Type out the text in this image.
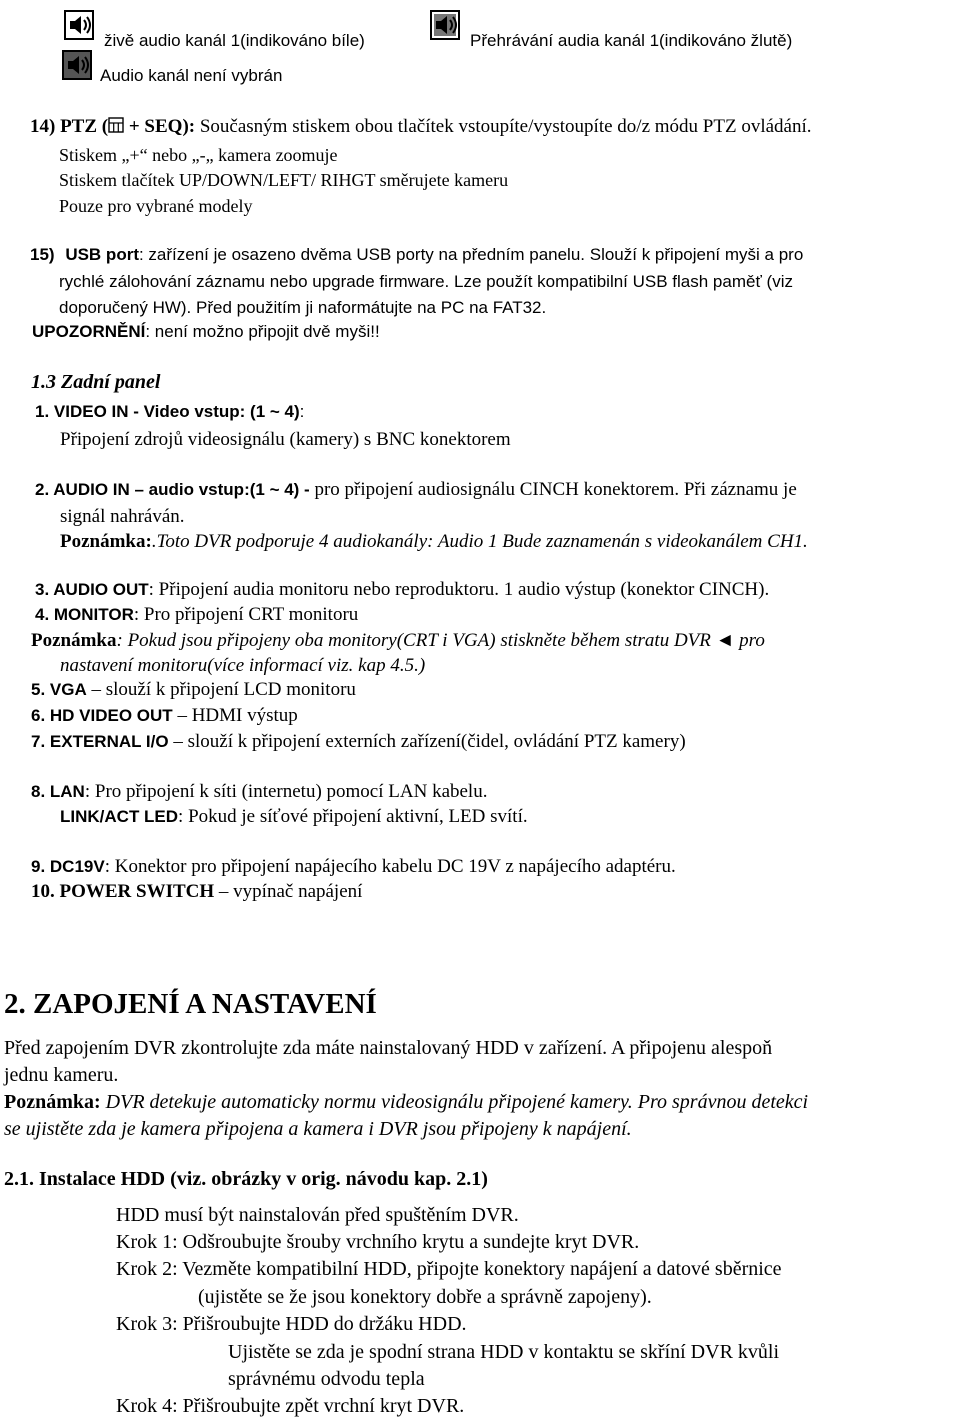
živě audio kanál 1(indikováno bíle)	Přehrávání audia kanál 1(indikováno žlutě)
Audio kanál není vybrán
14) PTZ ( + SEQ): Současným stiskem obou tlačítek vstoupíte/vystoupíte do/z módu PTZ ovládání.
Stiskem „+“ nebo „-„ kamera zoomuje
Stiskem tlačítek UP/DOWN/LEFT/ RIHGT směrujete kameru
Pouze pro vybrané modely
15) USB port: zařízení je osazeno dvěma USB porty na předním panelu. Slouží k připojení myši a pro
rychlé zálohování záznamu nebo upgrade firmware. Lze použít kompatibilní USB flash paměť (viz
doporučený HW). Před použitím ji naformátujte na PC na FAT32.
UPOZORNĚNÍ: není možno připojit dvě myši!!
1.3 Zadní panel
1. VIDEO IN - Video vstup: (1 ~ 4):
Připojení zdrojů videosignálu (kamery) s BNC konektorem
2. AUDIO IN – audio vstup:(1 ~ 4) - pro připojení audiosignálu CINCH konektorem. Při záznamu je
signál nahráván.
Poznámka:.Toto DVR podporuje 4 audiokanály: Audio 1 Bude zaznamenán s videokanálem CH1.
3. AUDIO OUT: Připojení audia monitoru nebo reproduktoru. 1 audio výstup (konektor CINCH).
4. MONITOR: Pro připojení CRT monitoru
Poznámka: Pokud jsou připojeny oba monitory(CRT i VGA) stiskněte během stratu DVR ◄ pro
nastavení monitoru(více informací viz. kap 4.5.)
5. VGA – slouží k připojení LCD monitoru
6. HD VIDEO OUT – HDMI výstup
7. EXTERNAL I/O – slouží k připojení externích zařízení(čidel, ovládání PTZ kamery)
8. LAN: Pro připojení k síti (internetu) pomocí LAN kabelu.
LINK/ACT LED: Pokud je síťové připojení aktivní, LED svítí.
9. DC19V: Konektor pro připojení napájecího kabelu DC 19V z napájecího adaptéru.
10. POWER SWITCH – vypínač napájení
2. ZAPOJENÍ A NASTAVENÍ
Před zapojením DVR zkontrolujte zda máte nainstalovaný HDD v zařízení. A připojenu alespoň
jednu kameru.
Poznámka: DVR detekuje automaticky normu videosignálu připojené kamery. Pro správnou detekci
se ujistěte zda je kamera připojena a kamera i DVR jsou připojeny k napájení.
2.1. Instalace HDD (viz. obrázky v orig. návodu kap. 2.1)
HDD musí být nainstalován před spuštěním DVR.
Krok 1: Odšroubujte šrouby vrchního krytu a sundejte kryt DVR.
Krok 2: Vezměte kompatibilní HDD, připojte konektory napájení a datové sběrnice
(ujistěte se že jsou konektory dobře a správně zapojeny).
Krok 3: Přišroubujte HDD do držáku HDD.
Ujistěte se zda je spodní strana HDD v kontaktu se skříní DVR kvůli
správnému odvodu tepla
Krok 4: Přišroubujte zpět vrchní kryt DVR.
